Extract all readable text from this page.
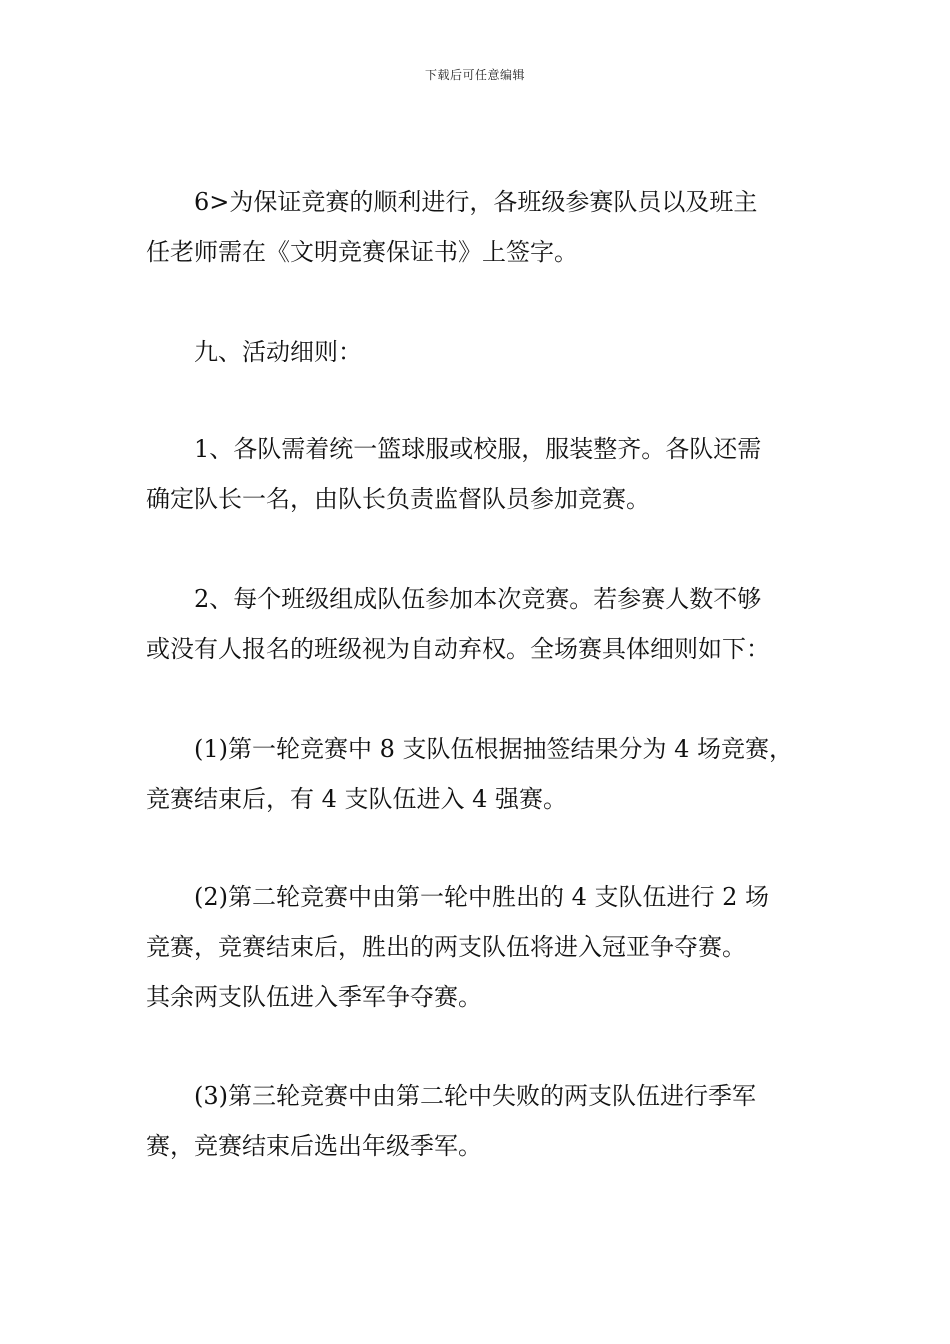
下载后可任意编辑

6>为保证竞赛的顺利进行，各班级参赛队员以及班主
任老师需在《文明竞赛保证书》上签字。

九、活动细则：

1、各队需着统一篮球服或校服，服装整齐。各队还需
确定队长一名，由队长负责监督队员参加竞赛。

2、每个班级组成队伍参加本次竞赛。若参赛人数不够
或没有人报名的班级视为自动弃权。全场赛具体细则如下：

(1)第一轮竞赛中 8 支队伍根据抽签结果分为 4 场竞赛，
竞赛结束后，有 4 支队伍进入 4 强赛。

(2)第二轮竞赛中由第一轮中胜出的 4 支队伍进行 2 场
竞赛，竞赛结束后，胜出的两支队伍将进入冠亚争夺赛。
其余两支队伍进入季军争夺赛。

(3)第三轮竞赛中由第二轮中失败的两支队伍进行季军
赛，竞赛结束后选出年级季军。
